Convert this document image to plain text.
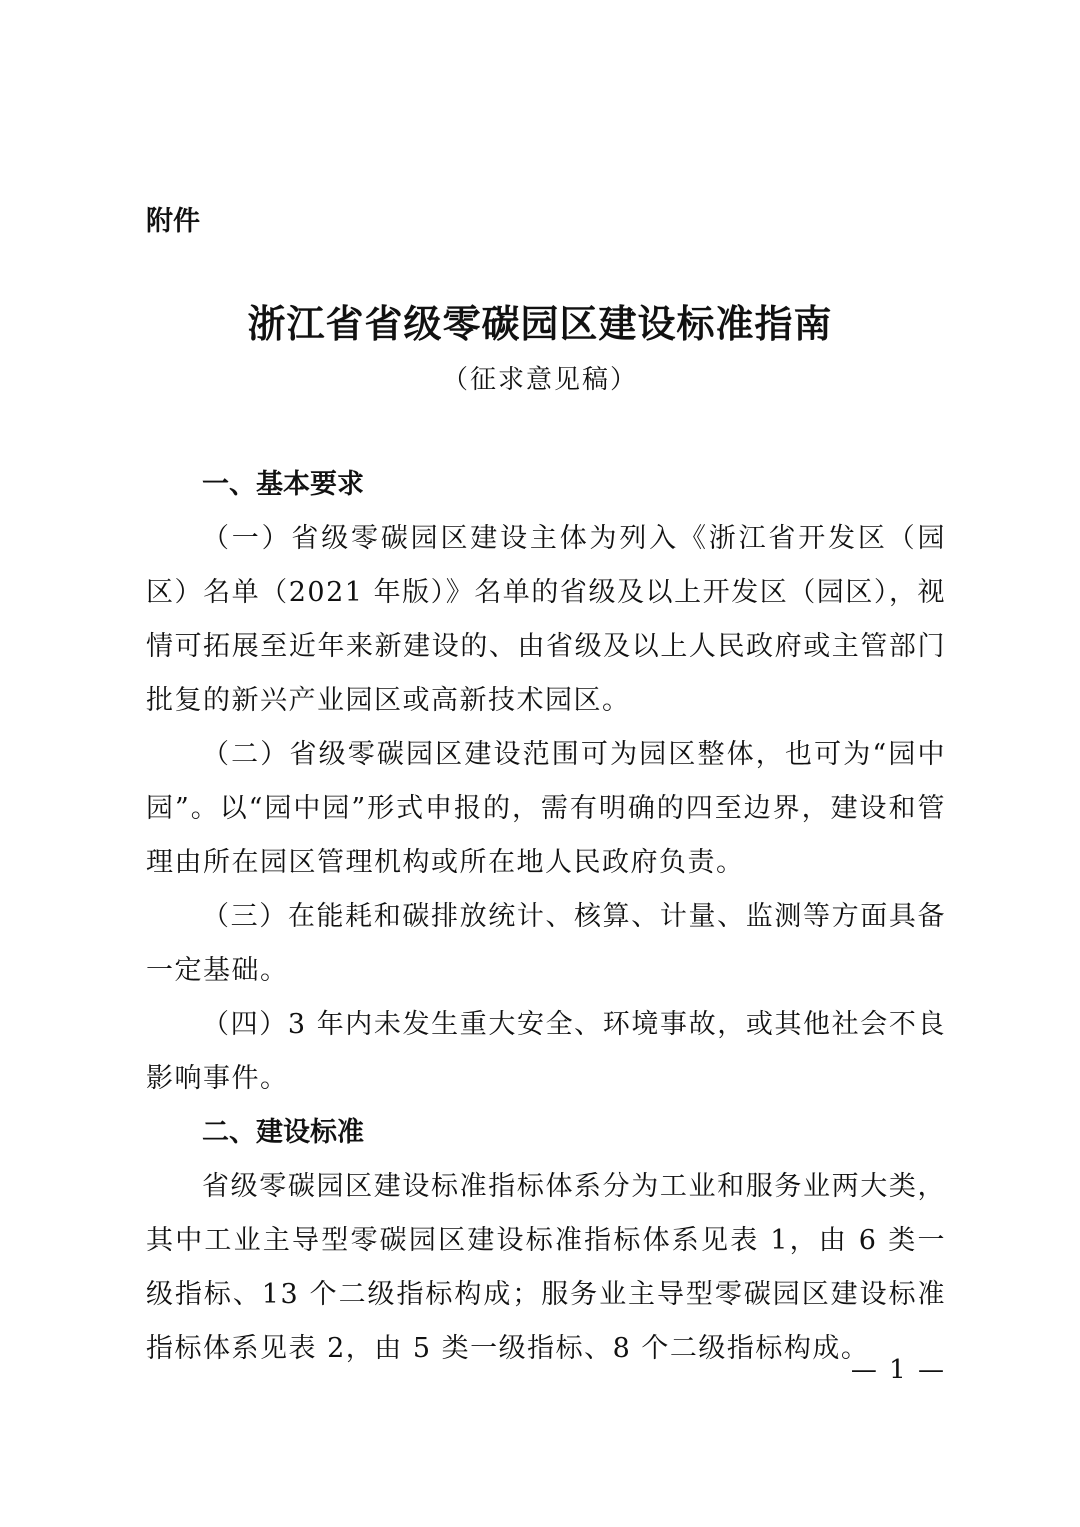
附件
浙江省省级零碳园区建设标准指南
（征求意见稿）
一、基本要求

（一）省级零碳园区建设主体为列入《浙江省开发区（园区）名单（2021 年版）》名单的省级及以上开发区（园区），视情可拓展至近年来新建设的、由省级及以上人民政府或主管部门批复的新兴产业园区或高新技术园区。

（二）省级零碳园区建设范围可为园区整体，也可为“园中园”。以“园中园”形式申报的，需有明确的四至边界，建设和管理由所在园区管理机构或所在地人民政府负责。

（三）在能耗和碳排放统计、核算、计量、监测等方面具备一定基础。

（四）3 年内未发生重大安全、环境事故，或其他社会不良影响事件。

二、建设标准

省级零碳园区建设标准指标体系分为工业和服务业两大类，其中工业主导型零碳园区建设标准指标体系见表 1，由 6 类一级指标、13 个二级指标构成；服务业主导型零碳园区建设标准指标体系见表 2，由 5 类一级指标、8 个二级指标构成。

— 1 —
